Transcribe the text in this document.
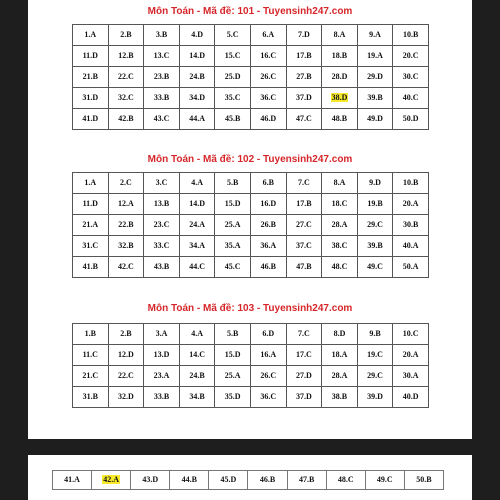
Môn Toán - Mã đề: 101 - Tuyensinh247.com
1.A	2.B	3.B	4.D	5.C	6.A	7.D	8.A	9.A	10.B
11.D	12.B	13.C	14.D	15.C	16.C	17.B	18.B	19.A	20.C
21.B	22.C	23.B	24.B	25.D	26.C	27.B	28.D	29.D	30.C
31.D	32.C	33.B	34.D	35.C	36.C	37.D	38.D	39.B	40.C
41.D	42.B	43.C	44.A	45.B	46.D	47.C	48.B	49.D	50.D
Môn Toán - Mã đề: 102 - Tuyensinh247.com
1.A	2.C	3.C	4.A	5.B	6.B	7.C	8.A	9.D	10.B
11.D	12.A	13.B	14.D	15.D	16.D	17.B	18.C	19.B	20.A
21.A	22.B	23.C	24.A	25.A	26.B	27.C	28.A	29.C	30.B
31.C	32.B	33.C	34.A	35.A	36.A	37.C	38.C	39.B	40.A
41.B	42.C	43.B	44.C	45.C	46.B	47.B	48.C	49.C	50.A
Môn Toán - Mã đề: 103 - Tuyensinh247.com
1.B	2.B	3.A	4.A	5.B	6.D	7.C	8.D	9.B	10.C
11.C	12.D	13.D	14.C	15.D	16.A	17.C	18.A	19.C	20.A
21.C	22.C	23.A	24.B	25.A	26.C	27.D	28.A	29.C	30.A
31.B	32.D	33.B	34.B	35.D	36.C	37.D	38.B	39.D	40.D
41.A	42.A	43.D	44.B	45.D	46.B	47.B	48.C	49.C	50.B
